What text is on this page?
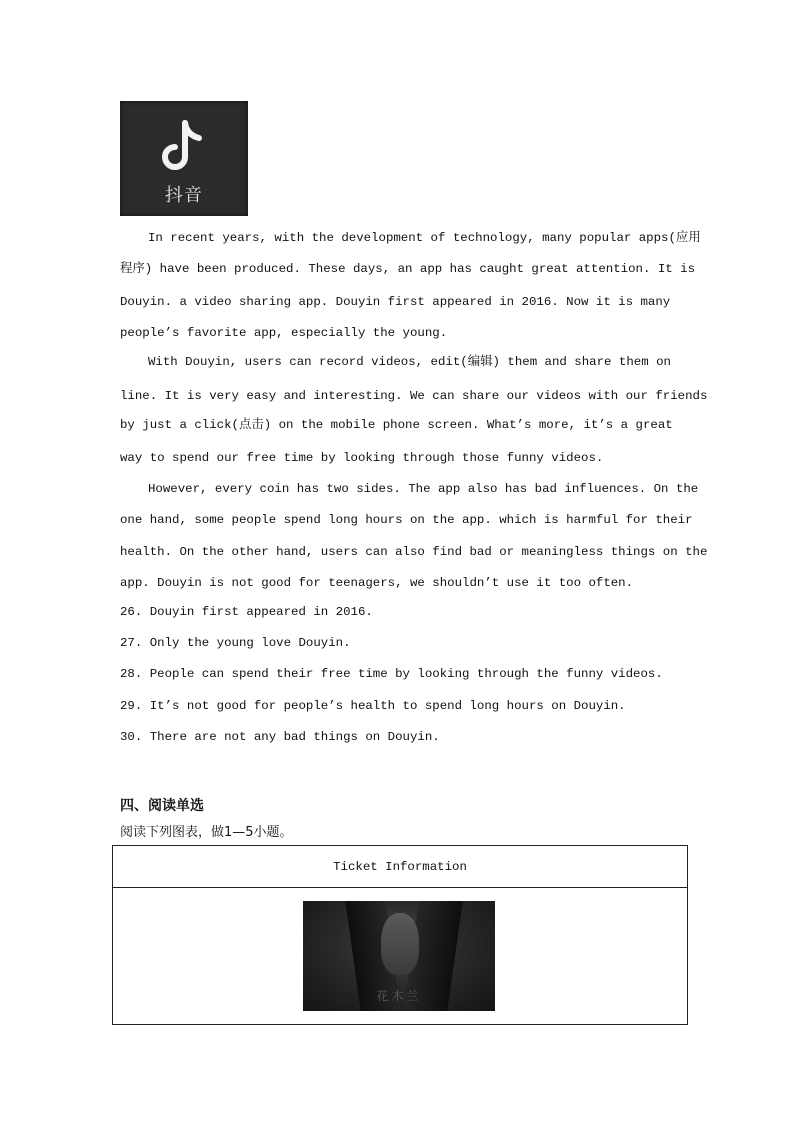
抖音
In recent years, with the development of technology, many popular apps(应用
程序) have been produced. These days, an app has caught great attention. It is
Douyin. a video sharing app. Douyin first appeared in 2016. Now it is many
people’s favorite app, especially the young.
With Douyin, users can record videos, edit(编辑) them and share them on
line. It is very easy and interesting. We can share our videos with our friends
by just a click(点击) on the mobile phone screen. What’s more, it’s a great
way to spend our free time by looking through those funny videos.
However, every coin has two sides. The app also has bad influences. On the
one hand, some people spend long hours on the app. which is harmful for their
health. On the other hand, users can also find bad or meaningless things on the
app. Douyin is not good for teenagers, we shouldn’t use it too often.
26. Douyin first appeared in 2016.
27. Only the young love Douyin.
28. People can spend their free time by looking through the funny videos.
29. It’s not good for people’s health to spend long hours on Douyin.
30. There are not any bad things on Douyin.
四、阅读单选
阅读下列图表，做1—5小题。
Ticket Information
花木兰
